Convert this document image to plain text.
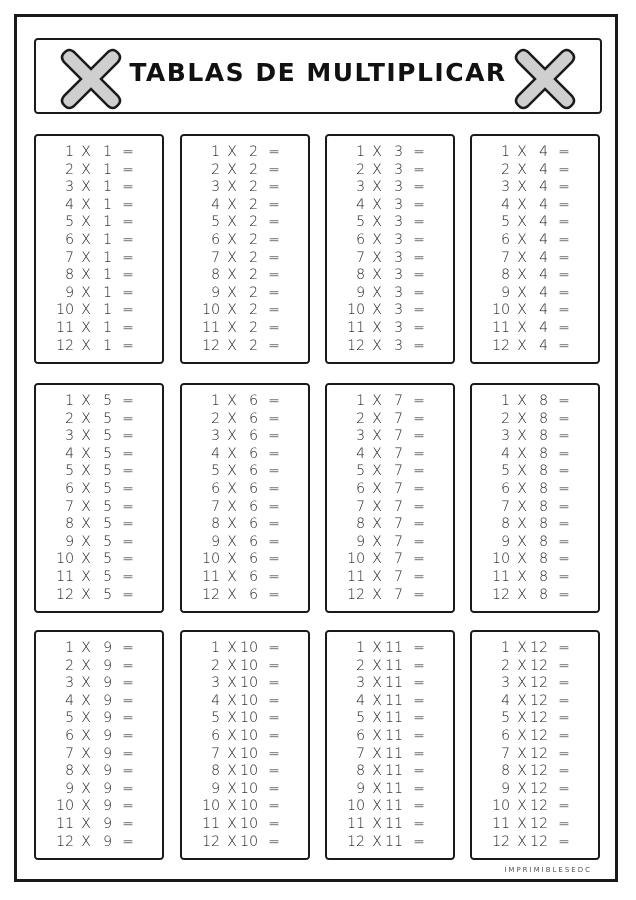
TABLAS DE MULTIPLICAR
1 X 1 =
2 X 1 =
3 X 1 =
4 X 1 =
5 X 1 =
6 X 1 =
7 X 1 =
8 X 1 =
9 X 1 =
10 X 1 =
11 X 1 =
12 X 1 =
1 X 2 =
2 X 2 =
3 X 2 =
4 X 2 =
5 X 2 =
6 X 2 =
7 X 2 =
8 X 2 =
9 X 2 =
10 X 2 =
11 X 2 =
12 X 2 =
1 X 3 =
2 X 3 =
3 X 3 =
4 X 3 =
5 X 3 =
6 X 3 =
7 X 3 =
8 X 3 =
9 X 3 =
10 X 3 =
11 X 3 =
12 X 3 =
1 X 4 =
2 X 4 =
3 X 4 =
4 X 4 =
5 X 4 =
6 X 4 =
7 X 4 =
8 X 4 =
9 X 4 =
10 X 4 =
11 X 4 =
12 X 4 =
1 X 5 =
2 X 5 =
3 X 5 =
4 X 5 =
5 X 5 =
6 X 5 =
7 X 5 =
8 X 5 =
9 X 5 =
10 X 5 =
11 X 5 =
12 X 5 =
1 X 6 =
2 X 6 =
3 X 6 =
4 X 6 =
5 X 6 =
6 X 6 =
7 X 6 =
8 X 6 =
9 X 6 =
10 X 6 =
11 X 6 =
12 X 6 =
1 X 7 =
2 X 7 =
3 X 7 =
4 X 7 =
5 X 7 =
6 X 7 =
7 X 7 =
8 X 7 =
9 X 7 =
10 X 7 =
11 X 7 =
12 X 7 =
1 X 8 =
2 X 8 =
3 X 8 =
4 X 8 =
5 X 8 =
6 X 8 =
7 X 8 =
8 X 8 =
9 X 8 =
10 X 8 =
11 X 8 =
12 X 8 =
1 X 9 =
2 X 9 =
3 X 9 =
4 X 9 =
5 X 9 =
6 X 9 =
7 X 9 =
8 X 9 =
9 X 9 =
10 X 9 =
11 X 9 =
12 X 9 =
1 X 10 =
2 X 10 =
3 X 10 =
4 X 10 =
5 X 10 =
6 X 10 =
7 X 10 =
8 X 10 =
9 X 10 =
10 X 10 =
11 X 10 =
12 X 10 =
1 X 11 =
2 X 11 =
3 X 11 =
4 X 11 =
5 X 11 =
6 X 11 =
7 X 11 =
8 X 11 =
9 X 11 =
10 X 11 =
11 X 11 =
12 X 11 =
1 X 12 =
2 X 12 =
3 X 12 =
4 X 12 =
5 X 12 =
6 X 12 =
7 X 12 =
8 X 12 =
9 X 12 =
10 X 12 =
11 X 12 =
12 X 12 =
IMPRIMIBLESEDC
